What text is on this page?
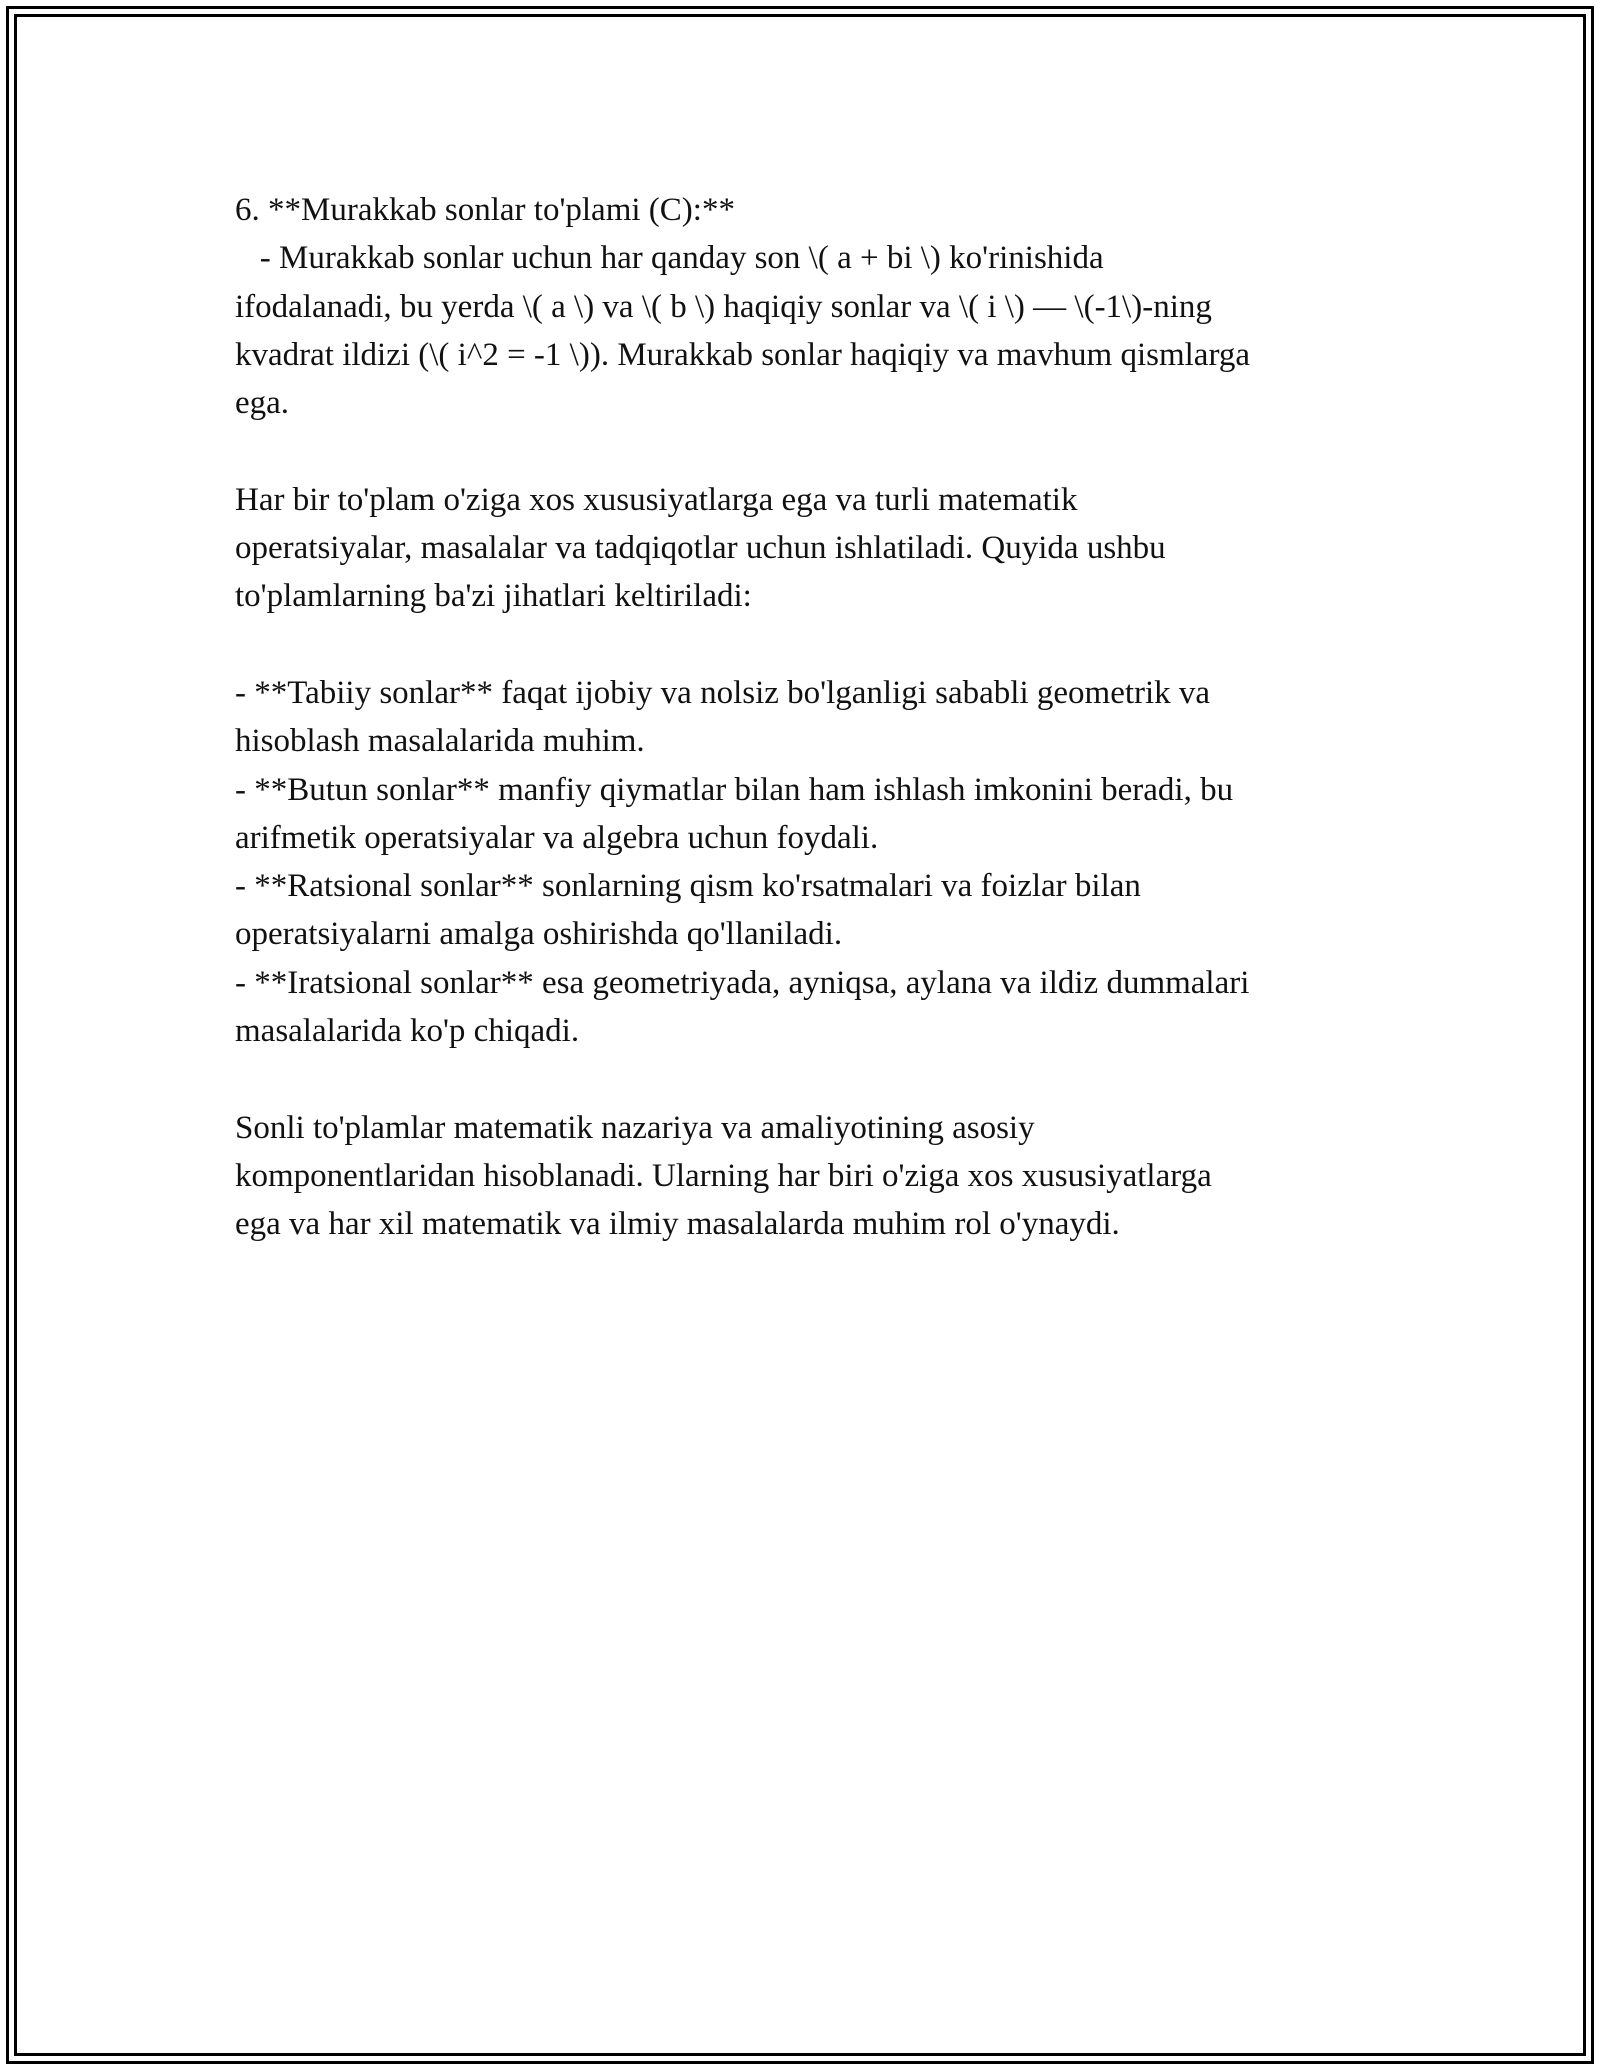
6. **Murakkab sonlar to'plami (C):**
- Murakkab sonlar uchun har qanday son \( a + bi \) ko'rinishida
ifodalanadi, bu yerda \( a \) va \( b \) haqiqiy sonlar va \( i \) — \(-1\)-ning
kvadrat ildizi (\( i^2 = -1 \)). Murakkab sonlar haqiqiy va mavhum qismlarga
ega.
Har bir to'plam o'ziga xos xususiyatlarga ega va turli matematik
operatsiyalar, masalalar va tadqiqotlar uchun ishlatiladi. Quyida ushbu
to'plamlarning ba'zi jihatlari keltiriladi:
- **Tabiiy sonlar** faqat ijobiy va nolsiz bo'lganligi sababli geometrik va
hisoblash masalalarida muhim.
- **Butun sonlar** manfiy qiymatlar bilan ham ishlash imkonini beradi, bu
arifmetik operatsiyalar va algebra uchun foydali.
- **Ratsional sonlar** sonlarning qism ko'rsatmalari va foizlar bilan
operatsiyalarni amalga oshirishda qo'llaniladi.
- **Iratsional sonlar** esa geometriyada, ayniqsa, aylana va ildiz dummalari
masalalarida ko'p chiqadi.
Sonli to'plamlar matematik nazariya va amaliyotining asosiy
komponentlaridan hisoblanadi. Ularning har biri o'ziga xos xususiyatlarga
ega va har xil matematik va ilmiy masalalarda muhim rol o'ynaydi.
